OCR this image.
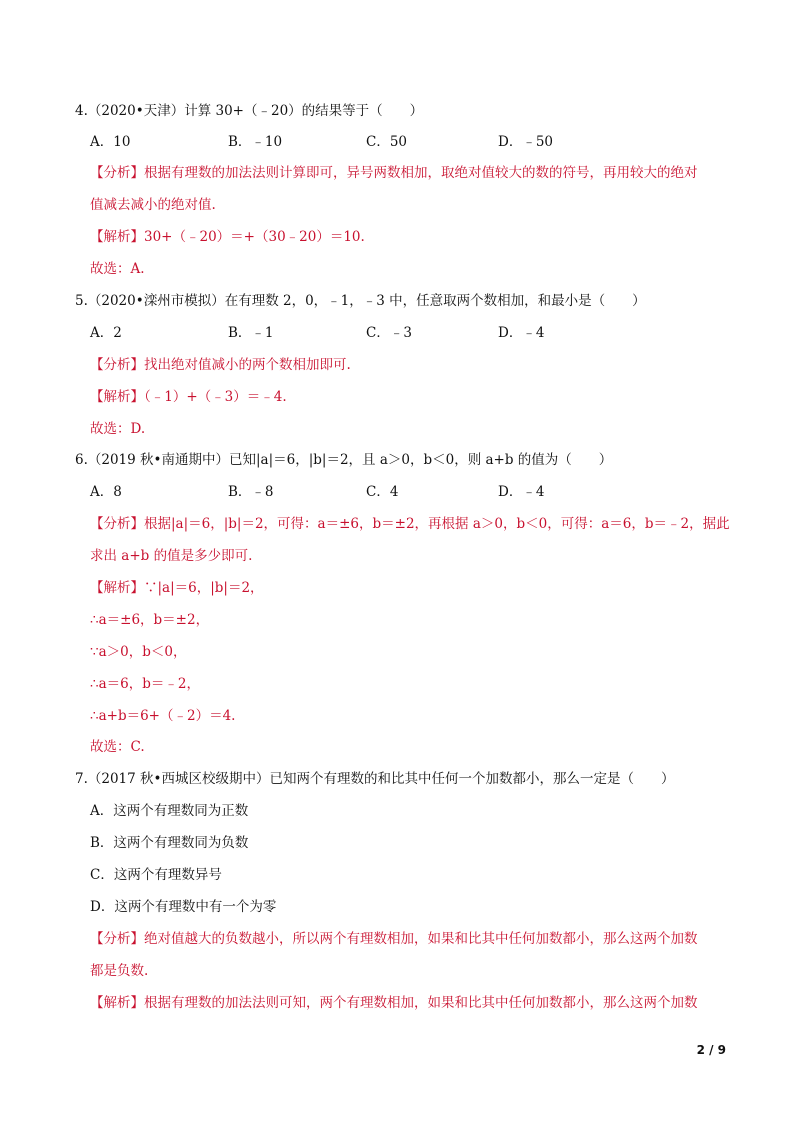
4.（2020•天津）计算 30+（﹣20）的结果等于（　　）
A．10	B．﹣10	C．50	D．﹣50
【分析】根据有理数的加法法则计算即可，异号两数相加，取绝对值较大的数的符号，再用较大的绝对
值减去减小的绝对值.
【解析】30+（﹣20）＝+（30﹣20）＝10.
故选：A.
5.（2020•滦州市模拟）在有理数 2，0，﹣1，﹣3 中，任意取两个数相加，和最小是（　　）
A．2	B．﹣1	C．﹣3	D．﹣4
【分析】找出绝对值减小的两个数相加即可.
【解析】（﹣1）+（﹣3）＝﹣4.
故选：D.
6.（2019 秋•南通期中）已知|a|＝6，|b|＝2，且 a＞0，b＜0，则 a+b 的值为（　　）
A．8	B．﹣8	C．4	D．﹣4
【分析】根据|a|＝6，|b|＝2，可得：a＝±6，b＝±2，再根据 a＞0，b＜0，可得：a＝6，b＝﹣2，据此
求出 a+b 的值是多少即可.
【解析】∵|a|＝6，|b|＝2，
∴a＝±6，b＝±2，
∵a＞0，b＜0，
∴a＝6，b＝﹣2，
∴a+b＝6+（﹣2）＝4.
故选：C.
7.（2017 秋•西城区校级期中）已知两个有理数的和比其中任何一个加数都小，那么一定是（　　）
A．这两个有理数同为正数
B．这两个有理数同为负数
C．这两个有理数异号
D．这两个有理数中有一个为零
【分析】绝对值越大的负数越小，所以两个有理数相加，如果和比其中任何加数都小，那么这两个加数
都是负数.
【解析】根据有理数的加法法则可知，两个有理数相加，如果和比其中任何加数都小，那么这两个加数
2 / 9
